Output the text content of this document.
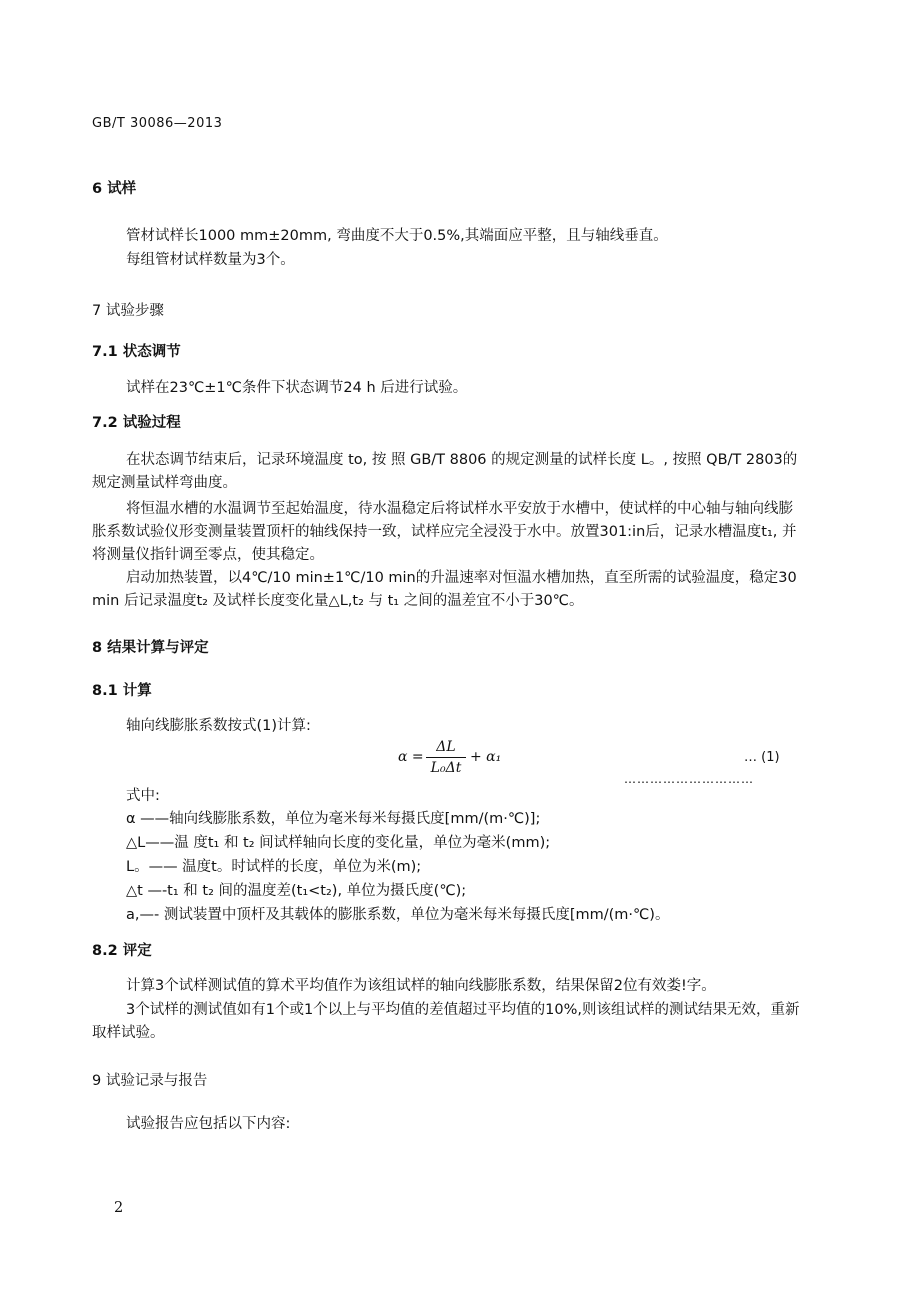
GB/T 30086—2013
6 试样
管材试样长1000 mm±20mm, 弯曲度不大于0.5%,其端面应平整，且与轴线垂直。
每组管材试样数量为3个。
7 试验步骤
7.1 状态调节
试样在23℃±1℃条件下状态调节24 h 后进行试验。
7.2 试验过程
在状态调节结束后，记录环境温度 to, 按 照 GB/T 8806 的规定测量的试样长度 L。, 按照 QB/T 2803的规定测量试样弯曲度。
将恒温水槽的水温调节至起始温度，待水温稳定后将试样水平安放于水槽中，使试样的中心轴与轴向线膨胀系数试验仪形变测量装置顶杆的轴线保持一致，试样应完全浸没于水中。放置301:in后，记录水槽温度t₁, 并将测量仪指针调至零点，使其稳定。
启动加热装置，以4℃/10 min±1℃/10 min的升温速率对恒温水槽加热，直至所需的试验温度，稳定30 min 后记录温度t₂ 及试样长度变化量△L,t₂ 与 t₁ 之间的温差宜不小于30℃。
8 结果计算与评定
8.1 计算
轴向线膨胀系数按式(1)计算:
α =
ΔL
L₀Δt
+ α₁	… (1)
…………………………
式中:
α ——轴向线膨胀系数，单位为毫米每米每摄氏度[mm/(m·℃)];
△L——温 度t₁ 和 t₂ 间试样轴向长度的变化量，单位为毫米(mm);
L。—— 温度t。时试样的长度，单位为米(m);
△t —-t₁ 和 t₂ 间的温度差(t₁<t₂), 单位为摄氏度(℃);
a,—- 测试装置中顶杆及其载体的膨胀系数，单位为毫米每米每摄氏度[mm/(m·℃)。
8.2 评定
计算3个试样测试值的算术平均值作为该组试样的轴向线膨胀系数，结果保留2位有效娄!字。
3个试样的测试值如有1个或1个以上与平均值的差值超过平均值的10%,则该组试样的测试结果无效，重新取样试验。
9 试验记录与报告
试验报告应包括以下内容:
2
